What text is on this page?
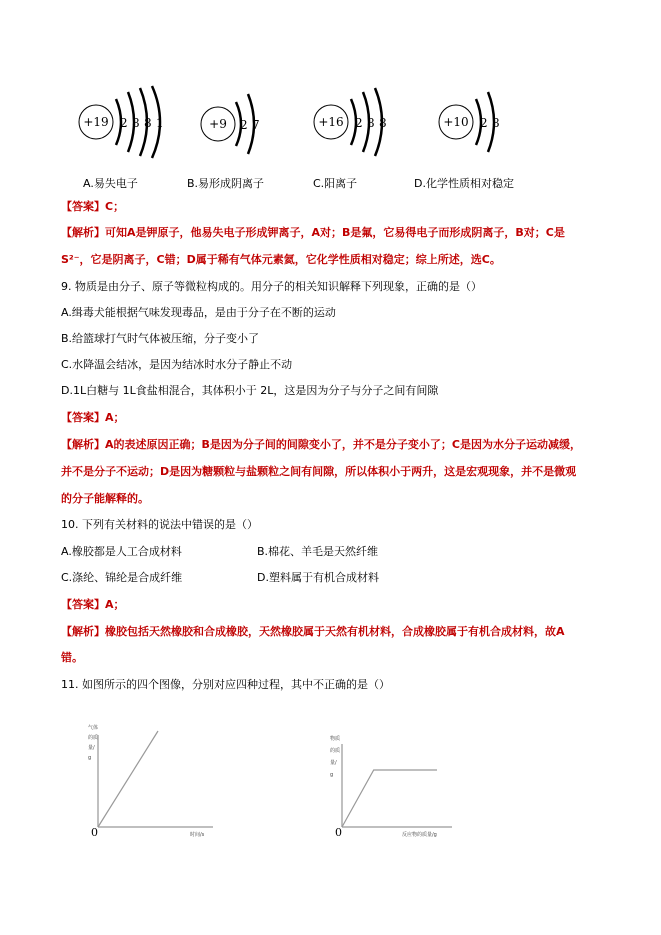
+19 2 8 8 1	+9 2 7	+16 2 8 8	+10 2 8
A.易失电子	B.易形成阴离子	C.阳离子	D.化学性质相对稳定
【答案】C；
【解析】可知A是钾原子，他易失电子形成钾离子，A对；B是氟，它易得电子而形成阴离子，B对；C是
S²⁻，它是阴离子，C错；D属于稀有气体元素氦，它化学性质相对稳定；综上所述，选C。
9. 物质是由分子、原子等微粒构成的。用分子的相关知识解释下列现象，正确的是（）
A.缉毒犬能根据气味发现毒品，是由于分子在不断的运动
B.给篮球打气时气体被压缩，分子变小了
C.水降温会结冰，是因为结冰时水分子静止不动
D.1L白糖与 1L食盐相混合，其体积小于 2L，这是因为分子与分子之间有间隙
【答案】A；
【解析】A的表述原因正确；B是因为分子间的间隙变小了，并不是分子变小了；C是因为水分子运动减缓，
并不是分子不运动；D是因为糖颗粒与盐颗粒之间有间隙，所以体积小于两升，这是宏观现象，并不是微观
的分子能解释的。
10. 下列有关材料的说法中错误的是（）
A.橡胶都是人工合成材料	B.棉花、羊毛是天然纤维
C.涤纶、锦纶是合成纤维	D.塑料属于有机合成材料
【答案】A；
【解析】橡胶包括天然橡胶和合成橡胶，天然橡胶属于天然有机材料，合成橡胶属于有机合成材料，故A
错。
11. 如图所示的四个图像，分别对应四种过程，其中不正确的是（）
气体的质量/ g
0	时间/s
物质的质量/ g
0	反应物的质量/g
